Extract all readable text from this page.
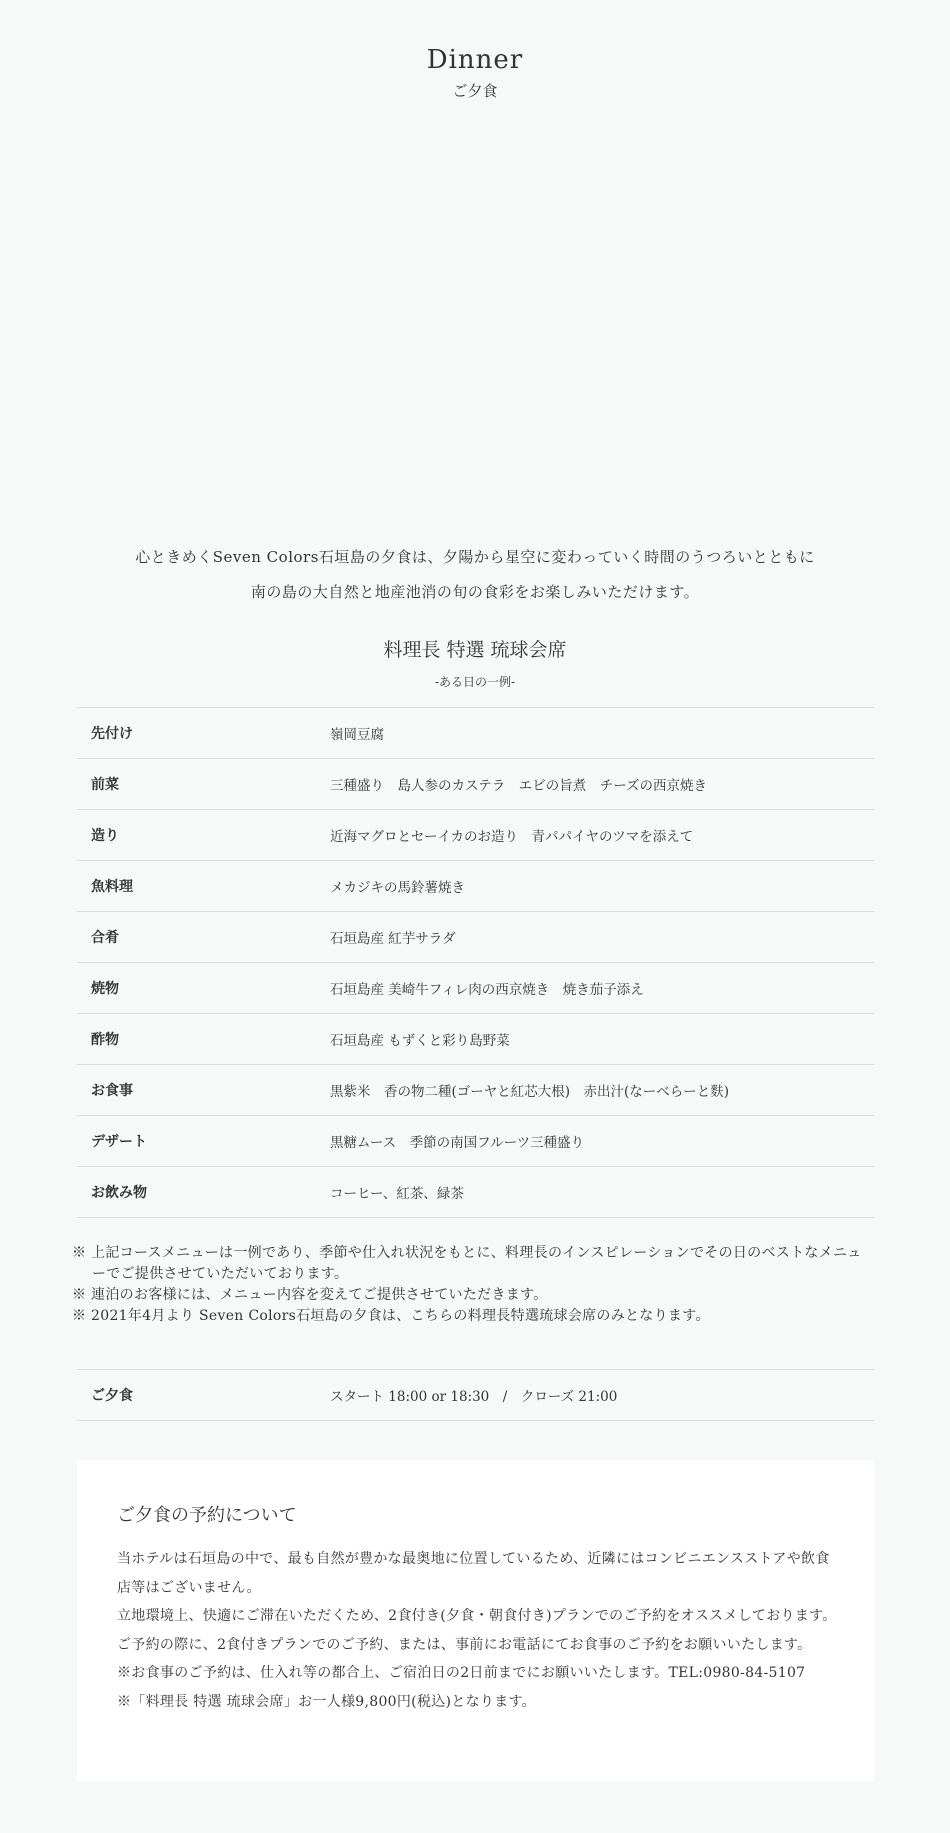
Dinner
ご夕食

心ときめくSeven Colors石垣島の夕食は、夕陽から星空に変わっていく時間のうつろいとともに

南の島の大自然と地産池消の旬の食彩をお楽しみいただけます。

料理長 特選 琉球会席
-ある日の一例-
先付け	嶺岡豆腐
前菜	三種盛り　島人参のカステラ　エビの旨煮　チーズの西京焼き
造り	近海マグロとセーイカのお造り　青パパイヤのツマを添えて
魚料理	メカジキの馬鈴薯焼き
合肴	石垣島産 紅芋サラダ
焼物	石垣島産 美崎牛フィレ肉の西京焼き　焼き茄子添え
酢物	石垣島産 もずくと彩り島野菜
お食事	黒紫米　香の物二種(ゴーヤと紅芯大根)　赤出汁(なーべらーと麩)
デザート	黒糖ムース　季節の南国フルーツ三種盛り
お飲み物	コーヒー、紅茶、緑茶

※ 上記コースメニューは一例であり、季節や仕入れ状況をもとに、料理長のインスピレーションでその日のベストなメニューでご提供させていただいております。

※ 連泊のお客様には、メニュー内容を変えてご提供させていただきます。

※ 2021年4月より Seven Colors石垣島の夕食は、こちらの料理長特選琉球会席のみとなります。

ご夕食	スタート 18:00 or 18:30　/　クローズ 21:00
ご夕食の予約について

当ホテルは石垣島の中で、最も自然が豊かな最奥地に位置しているため、近隣にはコンビニエンスストアや飲食店等はございません。

立地環境上、快適にご滞在いただくため、2食付き(夕食・朝食付き)プランでのご予約をオススメしております。

ご予約の際に、2食付きプランでのご予約、または、事前にお電話にてお食事のご予約をお願いいたします。

※お食事のご予約は、仕入れ等の都合上、ご宿泊日の2日前までにお願いいたします。TEL:0980-84-5107

※「料理長 特選 琉球会席」お一人様9,800円(税込)となります。
